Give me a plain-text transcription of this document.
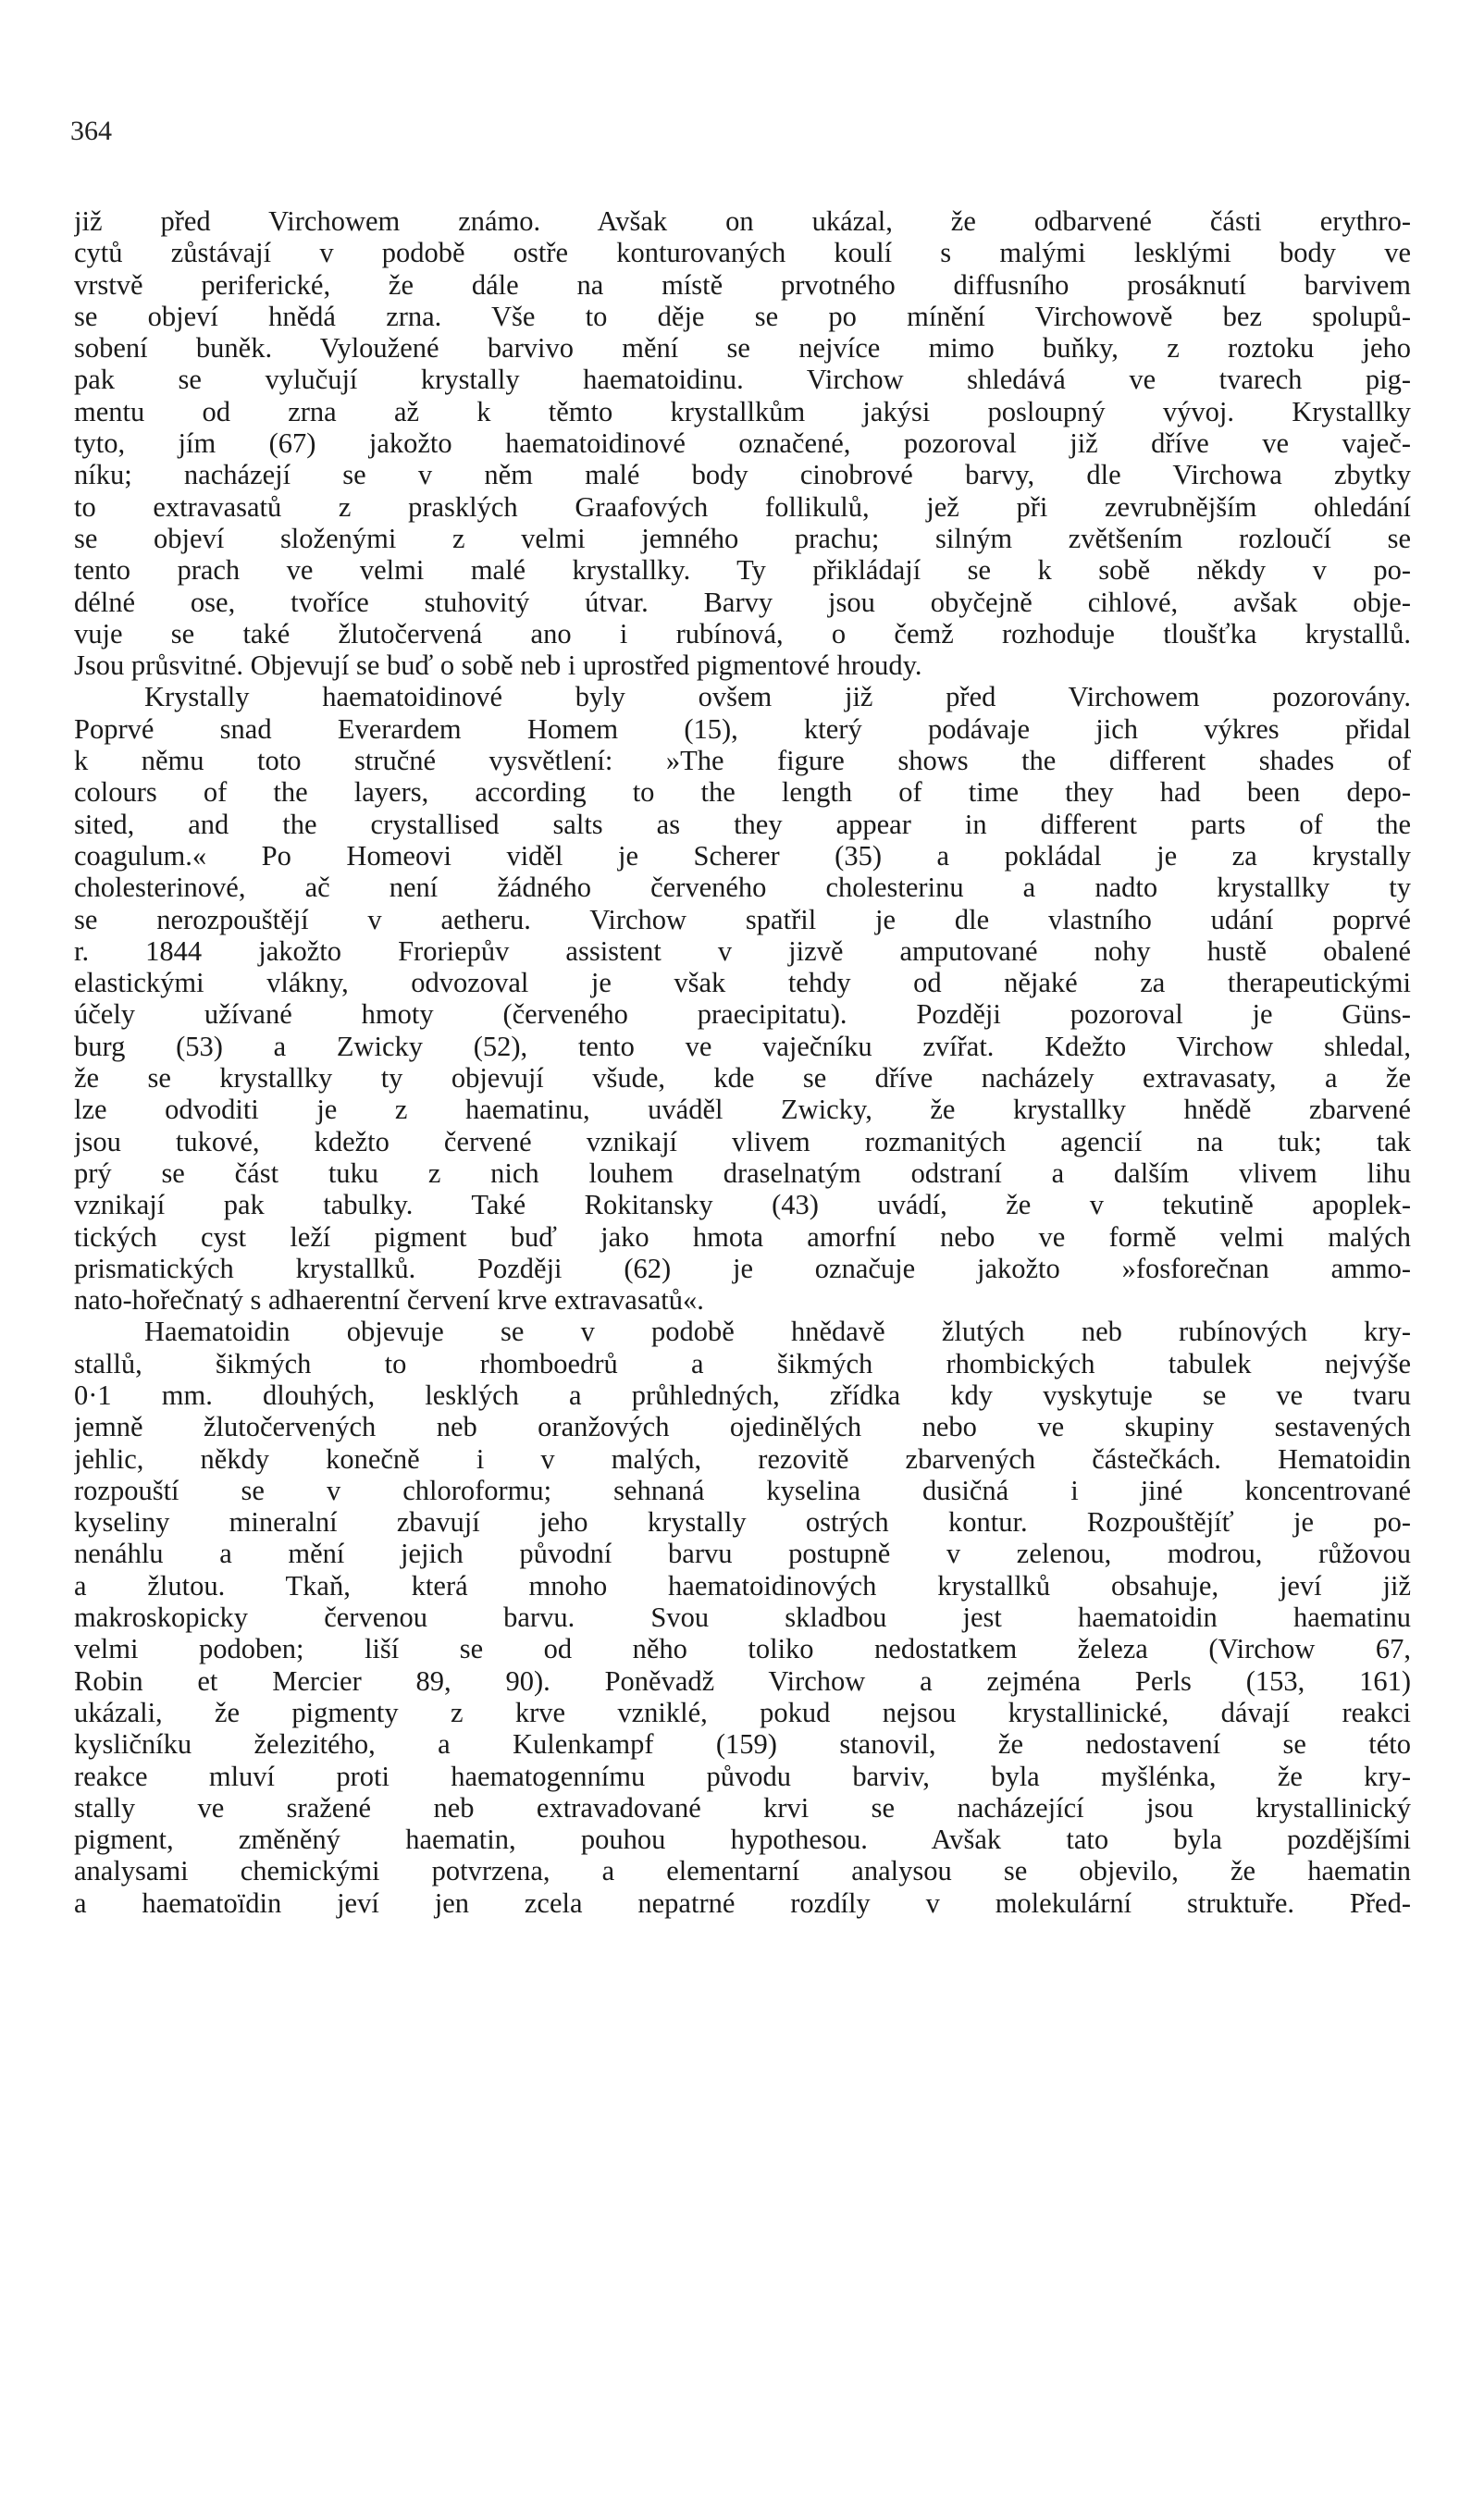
364
již před Virchowem známo. Avšak on ukázal, že odbarvené části erythro-
cytů zůstávají v podobě ostře konturovaných koulí s malými lesklými body ve
vrstvě periferické, že dále na místě prvotného diffusního prosáknutí barvivem
se objeví hnědá zrna. Vše to děje se po mínění Virchowově bez spolupů-
sobení buněk. Vyloužené barvivo mění se nejvíce mimo buňky, z roztoku jeho
pak se vylučují krystally haematoidinu. Virchow shledává ve tvarech pig-
mentu od zrna až k těmto krystallkům jakýsi posloupný vývoj. Krystallky
tyto, jím (67) jakožto haematoidinové označené, pozoroval již dříve ve vaječ-
níku; nacházejí se v něm malé body cinobrové barvy, dle Virchowa zbytky
to extravasatů z prasklých Graafových follikulů, jež při zevrubnějším ohledání
se objeví složenými z velmi jemného prachu; silným zvětšením rozloučí se
tento prach ve velmi malé krystallky. Ty přikládají se k sobě někdy v po-
délné ose, tvoříce stuhovitý útvar. Barvy jsou obyčejně cihlové, avšak obje-
vuje se také žlutočervená ano i rubínová, o čemž rozhoduje tloušťka krystallů.
Jsou průsvitné. Objevují se buď o sobě neb i uprostřed pigmentové hroudy.
Krystally haematoidinové byly ovšem již před Virchowem pozorovány.
Poprvé snad Everardem Homem (15), který podávaje jich výkres přidal
k němu toto stručné vysvětlení: »The figure shows the different shades of
colours of the layers, according to the length of time they had been depo-
sited, and the crystallised salts as they appear in different parts of the
coagulum.« Po Homeovi viděl je Scherer (35) a pokládal je za krystally
cholesterinové, ač není žádného červeného cholesterinu a nadto krystallky ty
se nerozpouštějí v aetheru. Virchow spatřil je dle vlastního udání poprvé
r. 1844 jakožto Froriepův assistent v jizvě amputované nohy hustě obalené
elastickými vlákny, odvozoval je však tehdy od nějaké za therapeutickými
účely užívané hmoty (červeného praecipitatu). Později pozoroval je Güns-
burg (53) a Zwicky (52), tento ve vaječníku zvířat. Kdežto Virchow shledal,
že se krystallky ty objevují všude, kde se dříve nacházely extravasaty, a že
lze odvoditi je z haematinu, uváděl Zwicky, že krystallky hnědě zbarvené
jsou tukové, kdežto červené vznikají vlivem rozmanitých agencií na tuk; tak
prý se část tuku z nich louhem draselnatým odstraní a dalším vlivem lihu
vznikají pak tabulky. Také Rokitansky (43) uvádí, že v tekutině apoplek-
tických cyst leží pigment buď jako hmota amorfní nebo ve formě velmi malých
prismatických krystallků. Později (62) je označuje jakožto »fosforečnan ammo-
nato-hořečnatý s adhaerentní červení krve extravasatů«.
Haematoidin objevuje se v podobě hnědavě žlutých neb rubínových kry-
stallů, šikmých to rhomboedrů a šikmých rhombických tabulek nejvýše
0·1 mm. dlouhých, lesklých a průhledných, zřídka kdy vyskytuje se ve tvaru
jemně žlutočervených neb oranžových ojedinělých nebo ve skupiny sestavených
jehlic, někdy konečně i v malých, rezovitě zbarvených částečkách. Hematoidin
rozpouští se v chloroformu; sehnaná kyselina dusičná i jiné koncentrované
kyseliny mineralní zbavují jeho krystally ostrých kontur. Rozpouštějíť je po-
nenáhlu a mění jejich původní barvu postupně v zelenou, modrou, růžovou
a žlutou. Tkaň, která mnoho haematoidinových krystallků obsahuje, jeví již
makroskopicky červenou barvu. Svou skladbou jest haematoidin haematinu
velmi podoben; liší se od něho toliko nedostatkem železa (Virchow 67,
Robin et Mercier 89, 90). Poněvadž Virchow a zejména Perls (153, 161)
ukázali, že pigmenty z krve vzniklé, pokud nejsou krystallinické, dávají reakci
kysličníku železitého, a Kulenkampf (159) stanovil, že nedostavení se této
reakce mluví proti haematogennímu původu barviv, byla myšlénka, že kry-
stally ve sražené neb extravadované krvi se nacházející jsou krystallinický
pigment, změněný haematin, pouhou hypothesou. Avšak tato byla pozdějšími
analysami chemickými potvrzena, a elementarní analysou se objevilo, že haematin
a haematoïdin jeví jen zcela nepatrné rozdíly v molekulární struktuře. Před-
